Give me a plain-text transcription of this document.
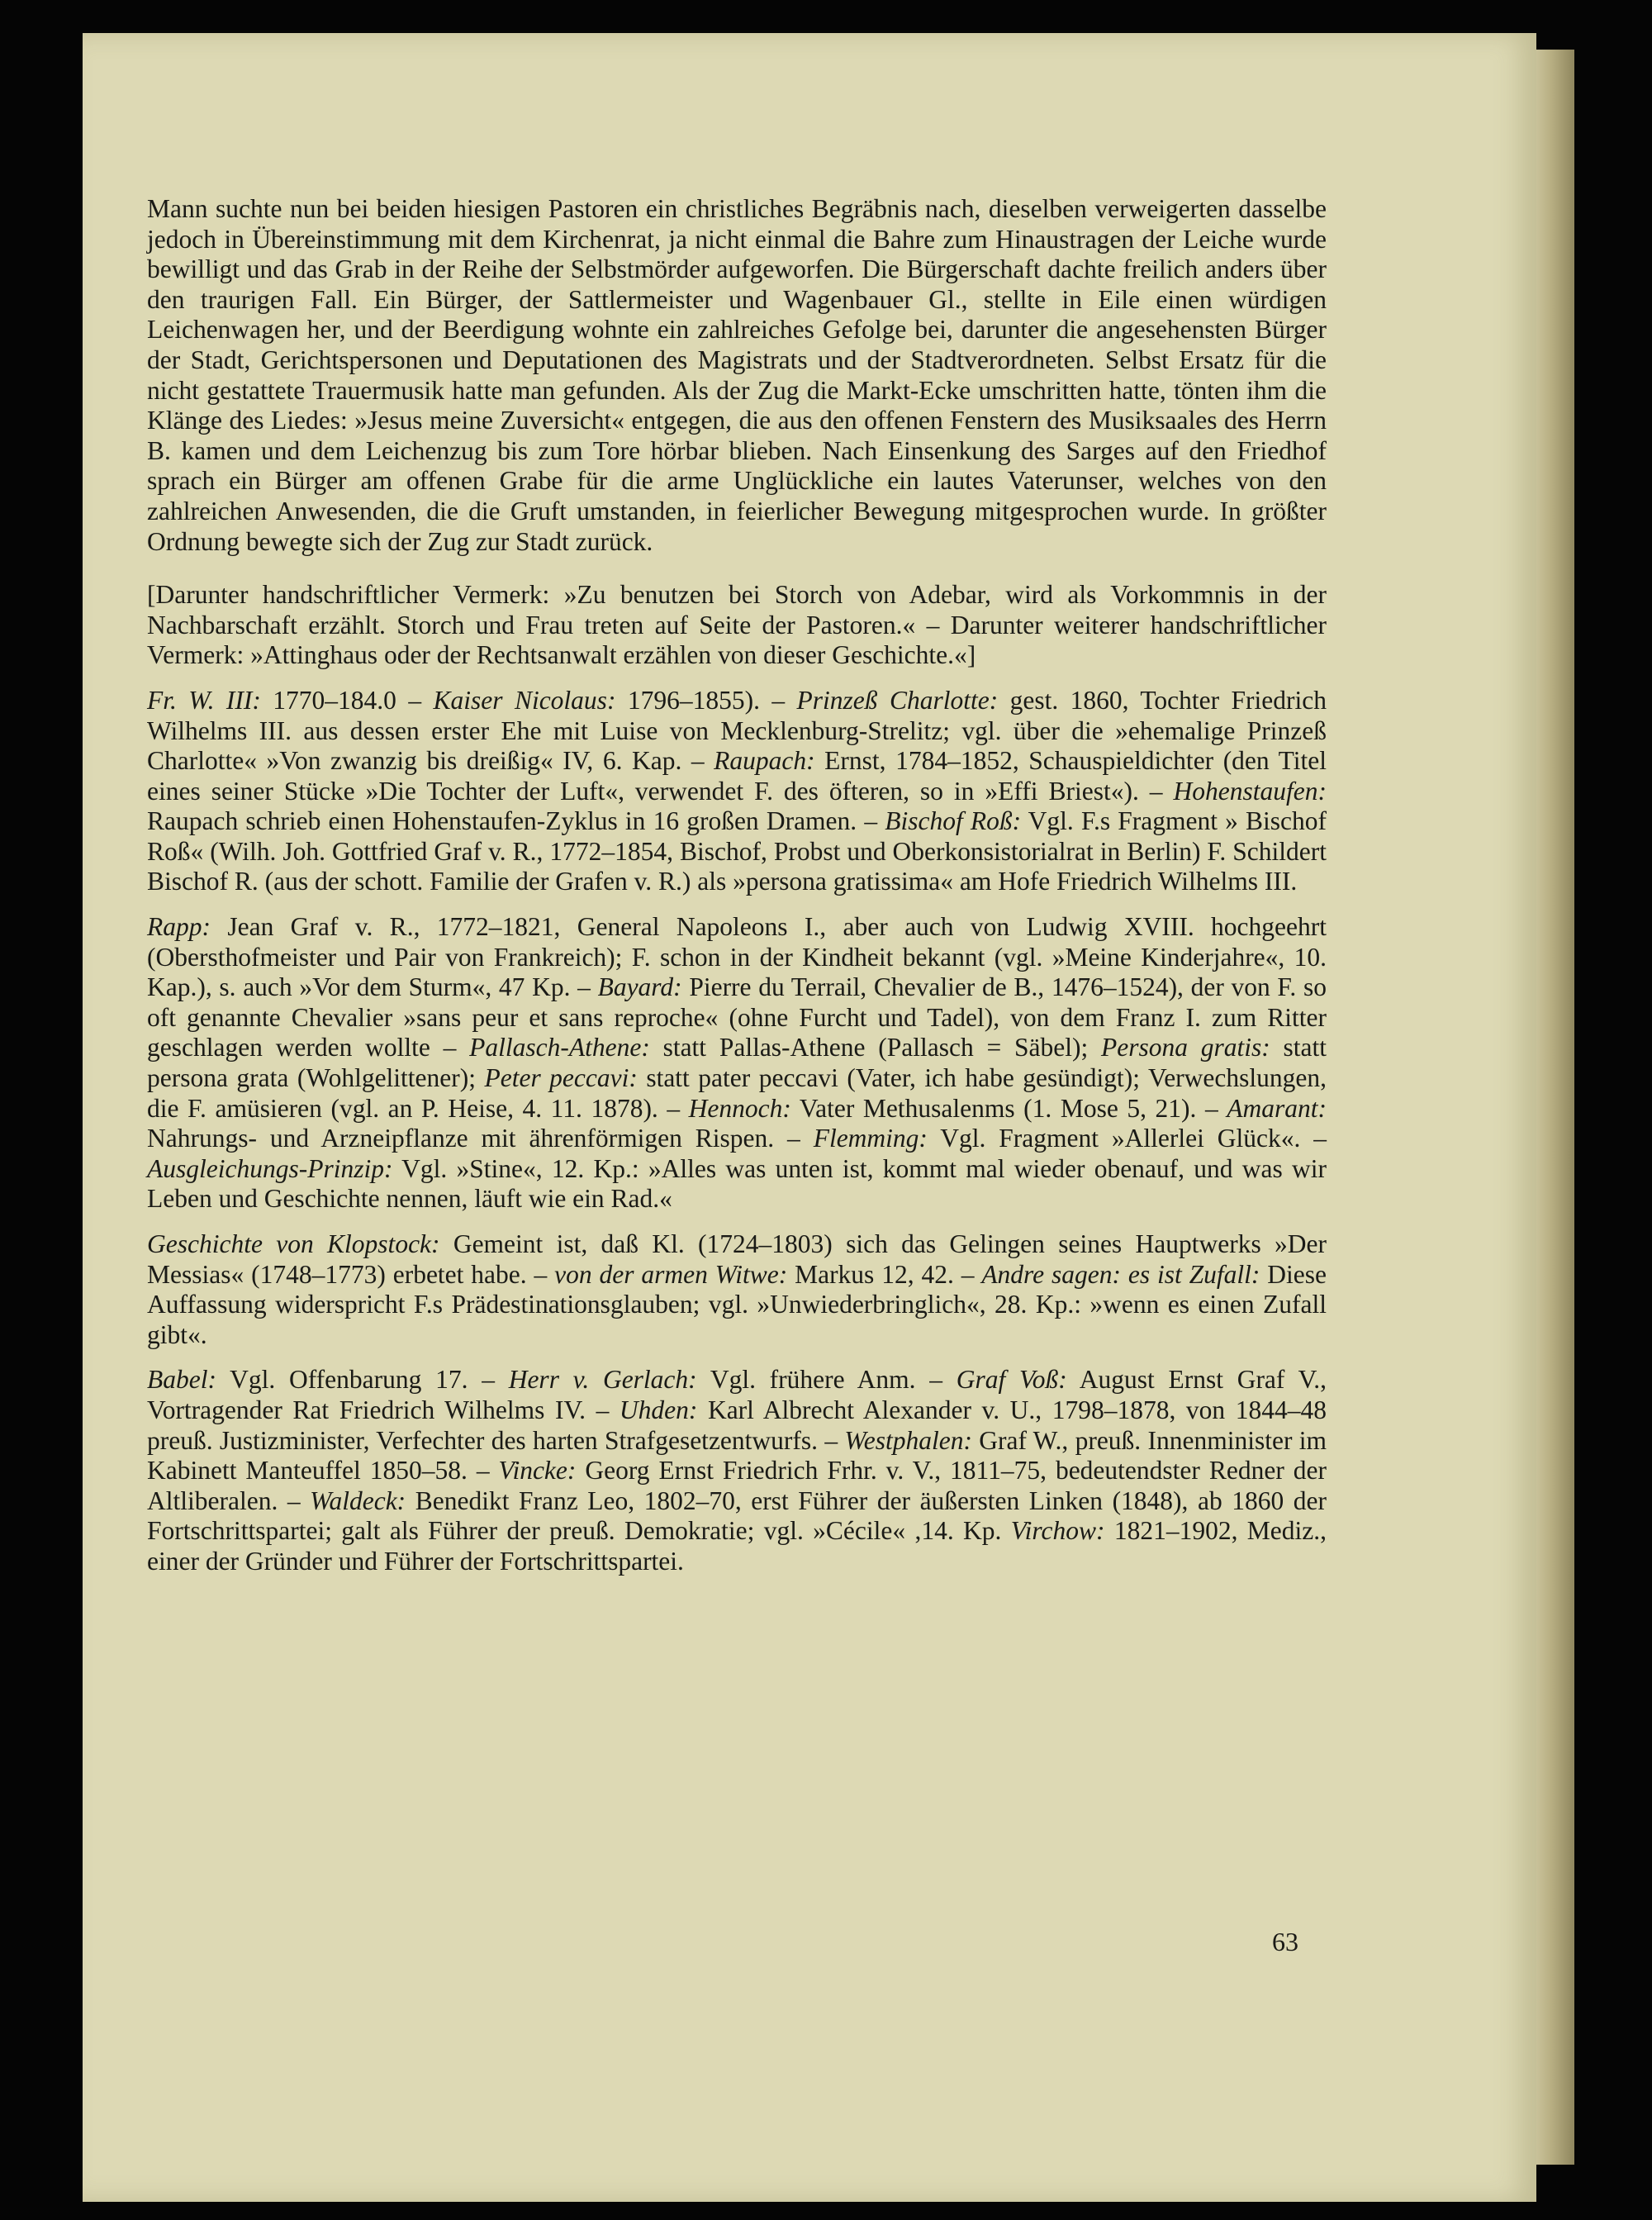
Mann suchte nun bei beiden hiesigen Pastoren ein christliches Begräbnis nach, dieselben verweigerten dasselbe jedoch in Übereinstimmung mit dem Kirchenrat, ja nicht einmal die Bahre zum Hinaustragen der Leiche wurde bewilligt und das Grab in der Reihe der Selbstmörder aufgeworfen. Die Bürgerschaft dachte freilich anders über den traurigen Fall. Ein Bürger, der Sattlermeister und Wagenbauer Gl., stellte in Eile einen würdigen Leichenwagen her, und der Beerdigung wohnte ein zahlreiches Gefolge bei, darunter die angesehensten Bürger der Stadt, Gerichtspersonen und Deputationen des Magistrats und der Stadtverordneten. Selbst Ersatz für die nicht gestattete Trauermusik hatte man gefunden. Als der Zug die Markt-Ecke umschritten hatte, tönten ihm die Klänge des Liedes: »Jesus meine Zuversicht« entgegen, die aus den offenen Fenstern des Musiksaales des Herrn B. kamen und dem Leichenzug bis zum Tore hörbar blieben. Nach Einsenkung des Sarges auf den Friedhof sprach ein Bürger am offenen Grabe für die arme Unglückliche ein lautes Vaterunser, welches von den zahlreichen Anwesenden, die die Gruft umstanden, in feierlicher Bewegung mitgesprochen wurde. In größter Ordnung bewegte sich der Zug zur Stadt zurück.

[Darunter handschriftlicher Vermerk: »Zu benutzen bei Storch von Adebar, wird als Vorkommnis in der Nachbarschaft erzählt. Storch und Frau treten auf Seite der Pastoren.« – Darunter weiterer handschriftlicher Vermerk: »Attinghaus oder der Rechtsanwalt erzählen von dieser Geschichte.«]

Fr. W. III: 1770–184.0 – Kaiser Nicolaus: 1796–1855). – Prinzeß Charlotte: gest. 1860, Tochter Friedrich Wilhelms III. aus dessen erster Ehe mit Luise von Mecklenburg-Strelitz; vgl. über die »ehemalige Prinzeß Charlotte« »Von zwanzig bis dreißig« IV, 6. Kap. – Raupach: Ernst, 1784–1852, Schauspieldichter (den Titel eines seiner Stücke »Die Tochter der Luft«, verwendet F. des öfteren, so in »Effi Briest«). – Hohenstaufen: Raupach schrieb einen Hohenstaufen-Zyklus in 16 großen Dramen. – Bischof Roß: Vgl. F.s Fragment » Bischof Roß« (Wilh. Joh. Gottfried Graf v. R., 1772–1854, Bischof, Probst und Oberkonsistorialrat in Berlin) F. Schildert Bischof R. (aus der schott. Familie der Grafen v. R.) als »persona gratissima« am Hofe Friedrich Wilhelms III.

Rapp: Jean Graf v. R., 1772–1821, General Napoleons I., aber auch von Ludwig XVIII. hochgeehrt (Obersthofmeister und Pair von Frankreich); F. schon in der Kindheit bekannt (vgl. »Meine Kinderjahre«, 10. Kap.), s. auch »Vor dem Sturm«, 47 Kp. – Bayard: Pierre du Terrail, Chevalier de B., 1476–1524), der von F. so oft genannte Chevalier »sans peur et sans reproche« (ohne Furcht und Tadel), von dem Franz I. zum Ritter geschlagen werden wollte – Pallasch-Athene: statt Pallas-Athene (Pallasch = Säbel); Persona gratis: statt persona grata (Wohlgelittener); Peter peccavi: statt pater peccavi (Vater, ich habe gesündigt); Verwechslungen, die F. amüsieren (vgl. an P. Heise, 4. 11. 1878). – Hennoch: Vater Methusalenms (1. Mose 5, 21). – Amarant: Nahrungs- und Arzneipflanze mit ährenförmigen Rispen. – Flemming: Vgl. Fragment »Allerlei Glück«. – Ausgleichungs-Prinzip: Vgl. »Stine«, 12. Kp.: »Alles was unten ist, kommt mal wieder obenauf, und was wir Leben und Geschichte nennen, läuft wie ein Rad.«

Geschichte von Klopstock: Gemeint ist, daß Kl. (1724–1803) sich das Gelingen seines Hauptwerks »Der Messias« (1748–1773) erbetet habe. – von der armen Witwe: Markus 12, 42. – Andre sagen: es ist Zufall: Diese Auffassung widerspricht F.s Prädestinationsglauben; vgl. »Unwiederbringlich«, 28. Kp.: »wenn es einen Zufall gibt«.

Babel: Vgl. Offenbarung 17. – Herr v. Gerlach: Vgl. frühere Anm. – Graf Voß: August Ernst Graf V., Vortragender Rat Friedrich Wilhelms IV. – Uhden: Karl Albrecht Alexander v. U., 1798–1878, von 1844–48 preuß. Justizminister, Verfechter des harten Strafgesetzentwurfs. – Westphalen: Graf W., preuß. Innenminister im Kabinett Manteuffel 1850–58. – Vincke: Georg Ernst Friedrich Frhr. v. V., 1811–75, bedeutendster Redner der Altliberalen. – Waldeck: Benedikt Franz Leo, 1802–70, erst Führer der äußersten Linken (1848), ab 1860 der Fortschrittspartei; galt als Führer der preuß. Demokratie; vgl. »Cécile« ,14. Kp. Virchow: 1821–1902, Mediz., einer der Gründer und Führer der Fortschrittspartei.

63
